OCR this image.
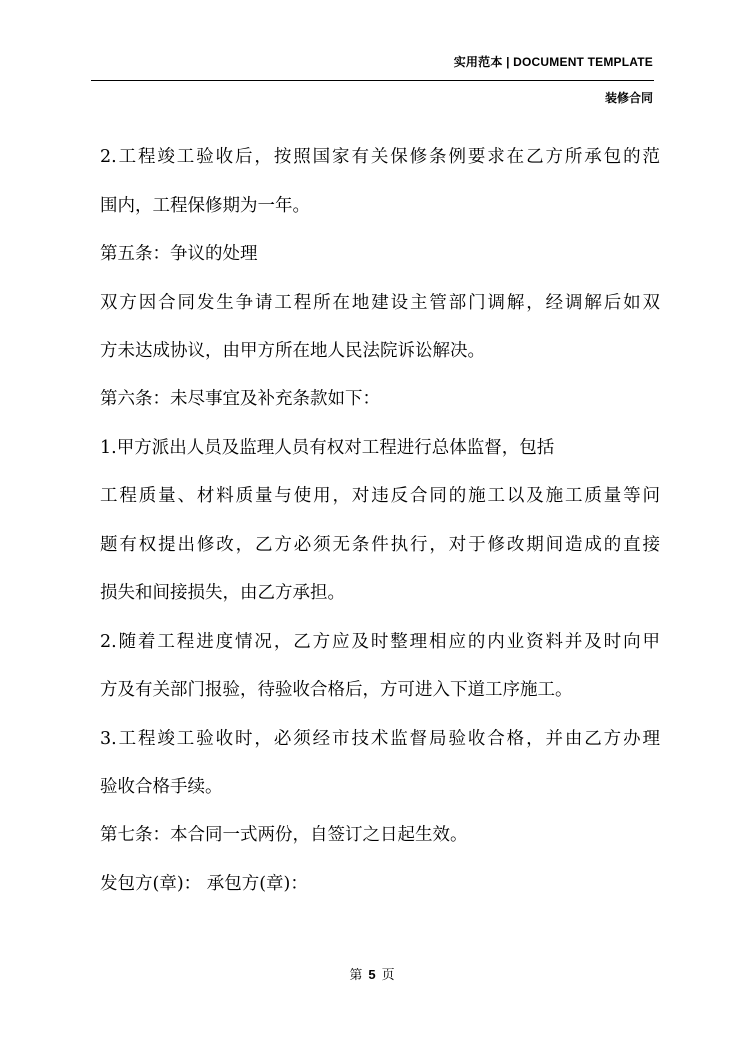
实用范本 | DOCUMENT TEMPLATE
装修合同
2.工程竣工验收后，按照国家有关保修条例要求在乙方所承包的范
围内，工程保修期为一年。
第五条：争议的处理
双方因合同发生争请工程所在地建设主管部门调解，经调解后如双
方未达成协议，由甲方所在地人民法院诉讼解决。
第六条：未尽事宜及补充条款如下：
1.甲方派出人员及监理人员有权对工程进行总体监督，包括
工程质量、材料质量与使用，对违反合同的施工以及施工质量等问
题有权提出修改，乙方必须无条件执行，对于修改期间造成的直接
损失和间接损失，由乙方承担。
2.随着工程进度情况，乙方应及时整理相应的内业资料并及时向甲
方及有关部门报验，待验收合格后，方可进入下道工序施工。
3.工程竣工验收时，必须经市技术监督局验收合格，并由乙方办理
验收合格手续。
第七条：本合同一式两份，自签订之日起生效。
发包方(章)： 承包方(章)：
第 5 页
